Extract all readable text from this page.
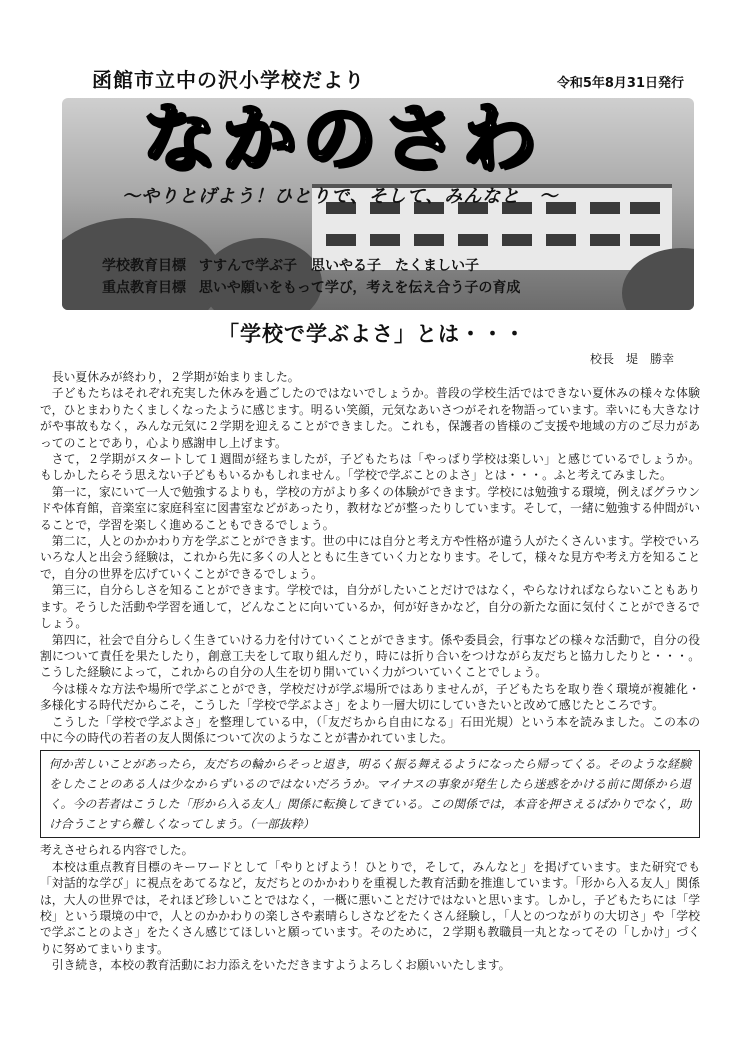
函館市立中の沢小学校だより	令和5年8月31日発行
なかのさわ
～やりとげよう！ひとりで、そして、みんなと　～
学校教育目標 すすんで学ぶ子　思いやる子　たくましい子
重点教育目標 思いや願いをもって学び，考えを伝え合う子の育成
「学校で学ぶよさ」とは・・・
校長　堤　勝幸

長い夏休みが終わり，２学期が始まりました。

子どもたちはそれぞれ充実した休みを過ごしたのではないでしょうか。普段の学校生活ではできない夏休みの様々な体験で，ひとまわりたくましくなったように感じます。明るい笑顔，元気なあいさつがそれを物語っています。幸いにも大きなけがや事故もなく，みんな元気に２学期を迎えることができました。これも，保護者の皆様のご支援や地域の方のご尽力があってのことであり，心より感謝申し上げます。

さて，２学期がスタートして１週間が経ちましたが，子どもたちは「やっぱり学校は楽しい」と感じているでしょうか。もしかしたらそう思えない子どももいるかもしれません。「学校で学ぶことのよさ」とは・・・。ふと考えてみました。

第一に，家にいて一人で勉強するよりも，学校の方がより多くの体験ができます。学校には勉強する環境，例えばグラウンドや体育館，音楽室に家庭科室に図書室などがあったり，教材などが整ったりしています。そして，一緒に勉強する仲間がいることで，学習を楽しく進めることもできるでしょう。

第二に，人とのかかわり方を学ぶことができます。世の中には自分と考え方や性格が違う人がたくさんいます。学校でいろいろな人と出会う経験は，これから先に多くの人とともに生きていく力となります。そして，様々な見方や考え方を知ることで，自分の世界を広げていくことができるでしょう。

第三に，自分らしさを知ることができます。学校では，自分がしたいことだけではなく，やらなければならないこともあります。そうした活動や学習を通して，どんなことに向いているか，何が好きかなど，自分の新たな面に気付くことができるでしょう。

第四に，社会で自分らしく生きていける力を付けていくことができます。係や委員会，行事などの様々な活動で，自分の役割について責任を果たしたり，創意工夫をして取り組んだり，時には折り合いをつけながら友だちと協力したりと・・・。こうした経験によって，これからの自分の人生を切り開いていく力がついていくことでしょう。

今は様々な方法や場所で学ぶことができ，学校だけが学ぶ場所ではありませんが，子どもたちを取り巻く環境が複雑化・多様化する時代だからこそ，こうした「学校で学ぶよさ」をより一層大切にしていきたいと改めて感じたところです。

こうした「学校で学ぶよさ」を整理している中，（「友だちから自由になる」石田光規）という本を読みました。この本の中に今の時代の若者の友人関係について次のようなことが書かれていました。

何か苦しいことがあったら，友だちの輪からそっと退き，明るく振る舞えるようになったら帰ってくる。そのような経験をしたことのある人は少なからずいるのではないだろうか。マイナスの事象が発生したら迷惑をかける前に関係から退く。今の若者はこうした「形から入る友人」関係に転換してきている。この関係では，本音を押さえるばかりでなく，助け合うことすら難しくなってしまう。（一部抜粋）

考えさせられる内容でした。

本校は重点教育目標のキーワードとして「やりとげよう！ひとりで，そして，みんなと」を掲げています。また研究でも「対話的な学び」に視点をあてるなど，友だちとのかかわりを重視した教育活動を推進しています。「形から入る友人」関係は，大人の世界では，それほど珍しいことではなく，一概に悪いことだけではないと思います。しかし，子どもたちには「学校」という環境の中で，人とのかかわりの楽しさや素晴らしさなどをたくさん経験し，「人とのつながりの大切さ」や「学校で学ぶことのよさ」をたくさん感じてほしいと願っています。そのために，２学期も教職員一丸となってその「しかけ」づくりに努めてまいります。

引き続き，本校の教育活動にお力添えをいただきますようよろしくお願いいたします。
